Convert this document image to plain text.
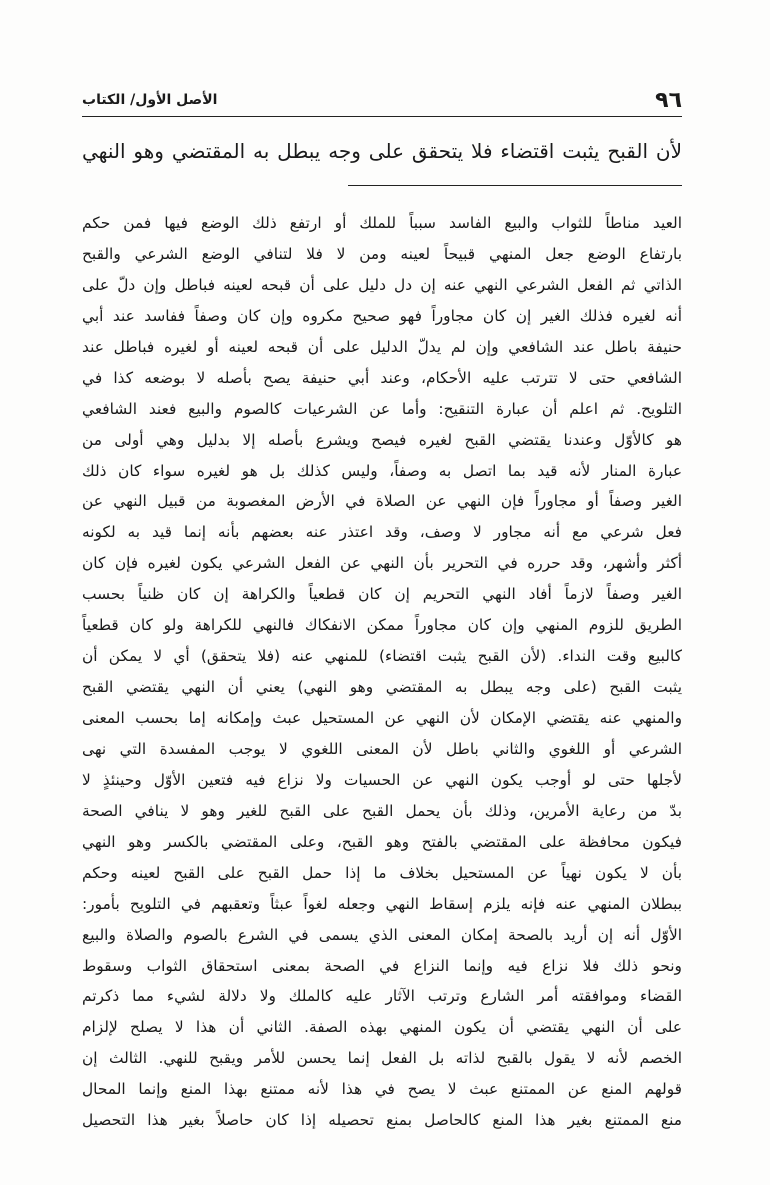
٩٦
الأصل الأول/ الكتاب
لأن القبح يثبت اقتضاء فلا يتحقق على وجه يبطل به المقتضي وهو النهي
العيد مناطاً للثواب والبيع الفاسد سبباً للملك أو ارتفع ذلك الوضع فيها فمن حكم
بارتفاع الوضع جعل المنهي قبيحاً لعينه ومن لا فلا لتنافي الوضع الشرعي والقبح
الذاتي ثم الفعل الشرعي النهي عنه إن دل دليل على أن قبحه لعينه فباطل وإن دلّ على
أنه لغيره فذلك الغير إن كان مجاوراً فهو صحيح مكروه وإن كان وصفاً ففاسد عند أبي
حنيفة باطل عند الشافعي وإن لم يدلّ الدليل على أن قبحه لعينه أو لغيره فباطل عند
الشافعي حتى لا تترتب عليه الأحكام، وعند أبي حنيفة يصح بأصله لا بوضعه كذا في
التلويح. ثم اعلم أن عبارة التنقيح: وأما عن الشرعيات كالصوم والبيع فعند الشافعي
هو كالأوّل وعندنا يقتضي القبح لغيره فيصح ويشرع بأصله إلا بدليل وهي أولى من
عبارة المنار لأنه قيد بما اتصل به وصفاً، وليس كذلك بل هو لغيره سواء كان ذلك
الغير وصفاً أو مجاوراً فإن النهي عن الصلاة في الأرض المغصوبة من قبيل النهي عن
فعل شرعي مع أنه مجاور لا وصف، وقد اعتذر عنه بعضهم بأنه إنما قيد به لكونه
أكثر وأشهر، وقد حرره في التحرير بأن النهي عن الفعل الشرعي يكون لغيره فإن كان
الغير وصفاً لازماً أفاد النهي التحريم إن كان قطعياً والكراهة إن كان ظنياً بحسب
الطريق للزوم المنهي وإن كان مجاوراً ممكن الانفكاك فالنهي للكراهة ولو كان قطعياً
كالبيع وقت النداء. (لأن القبح يثبت اقتضاء) للمنهي عنه (فلا يتحقق) أي لا يمكن أن
يثبت القبح (على وجه يبطل به المقتضي وهو النهي) يعني أن النهي يقتضي القبح
والمنهي عنه يقتضي الإمكان لأن النهي عن المستحيل عبث وإمكانه إما بحسب المعنى
الشرعي أو اللغوي والثاني باطل لأن المعنى اللغوي لا يوجب المفسدة التي نهى
لأجلها حتى لو أوجب يكون النهي عن الحسيات ولا نزاع فيه فتعين الأوّل وحينئذٍ لا
بدّ من رعاية الأمرين، وذلك بأن يحمل القبح على القبح للغير وهو لا ينافي الصحة
فيكون محافظة على المقتضي بالفتح وهو القبح، وعلى المقتضي بالكسر وهو النهي
بأن لا يكون نهياً عن المستحيل بخلاف ما إذا حمل القبح على القبح لعينه وحكم
ببطلان المنهي عنه فإنه يلزم إسقاط النهي وجعله لغواً عبثاً وتعقبهم في التلويح بأمور:
الأوّل أنه إن أريد بالصحة إمكان المعنى الذي يسمى في الشرع بالصوم والصلاة والبيع
ونحو ذلك فلا نزاع فيه وإنما النزاع في الصحة بمعنى استحقاق الثواب وسقوط
القضاء وموافقته أمر الشارع وترتب الآثار عليه كالملك ولا دلالة لشيء مما ذكرتم
على أن النهي يقتضي أن يكون المنهي بهذه الصفة. الثاني أن هذا لا يصلح لإلزام
الخصم لأنه لا يقول بالقبح لذاته بل الفعل إنما يحسن للأمر ويقبح للنهي. الثالث إن
قولهم المنع عن الممتنع عبث لا يصح في هذا لأنه ممتنع بهذا المنع وإنما المحال
منع الممتنع بغير هذا المنع كالحاصل بمنع تحصيله إذا كان حاصلاً بغير هذا التحصيل
